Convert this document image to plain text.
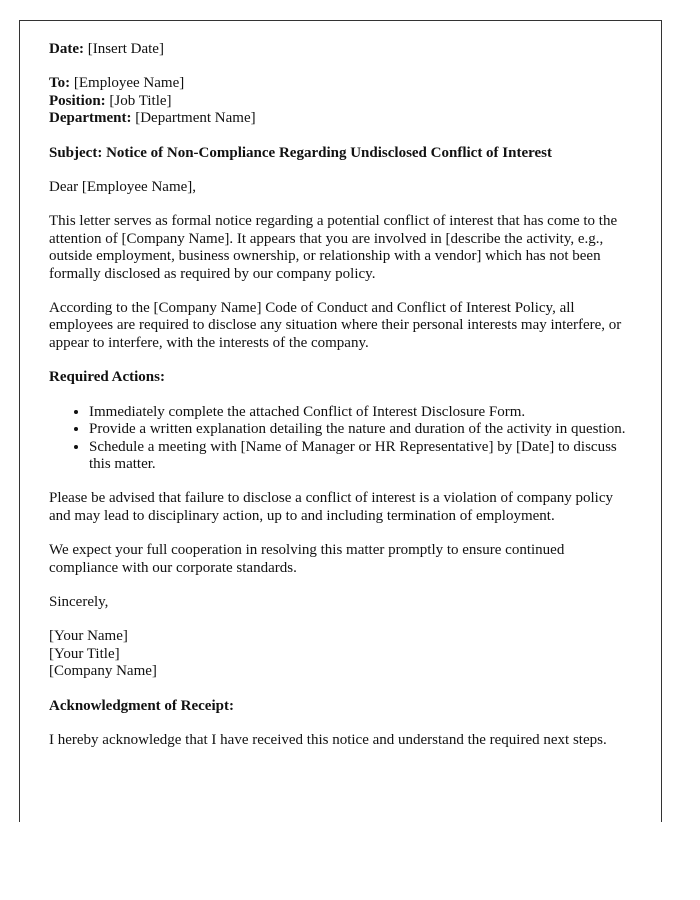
Date: [Insert Date]

To: [Employee Name]
Position: [Job Title]
Department: [Department Name]

Subject: Notice of Non-Compliance Regarding Undisclosed Conflict of Interest

Dear [Employee Name],

This letter serves as formal notice regarding a potential conflict of interest that has come to the attention of [Company Name]. It appears that you are involved in [describe the activity, e.g., outside employment, business ownership, or relationship with a vendor] which has not been formally disclosed as required by our company policy.

According to the [Company Name] Code of Conduct and Conflict of Interest Policy, all employees are required to disclose any situation where their personal interests may interfere, or appear to interfere, with the interests of the company.

Required Actions:

• Immediately complete the attached Conflict of Interest Disclosure Form.
• Provide a written explanation detailing the nature and duration of the activity in question.
• Schedule a meeting with [Name of Manager or HR Representative] by [Date] to discuss this matter.

Please be advised that failure to disclose a conflict of interest is a violation of company policy and may lead to disciplinary action, up to and including termination of employment.

We expect your full cooperation in resolving this matter promptly to ensure continued compliance with our corporate standards.

Sincerely,

[Your Name]
[Your Title]
[Company Name]

Acknowledgment of Receipt:

I hereby acknowledge that I have received this notice and understand the required next steps.
